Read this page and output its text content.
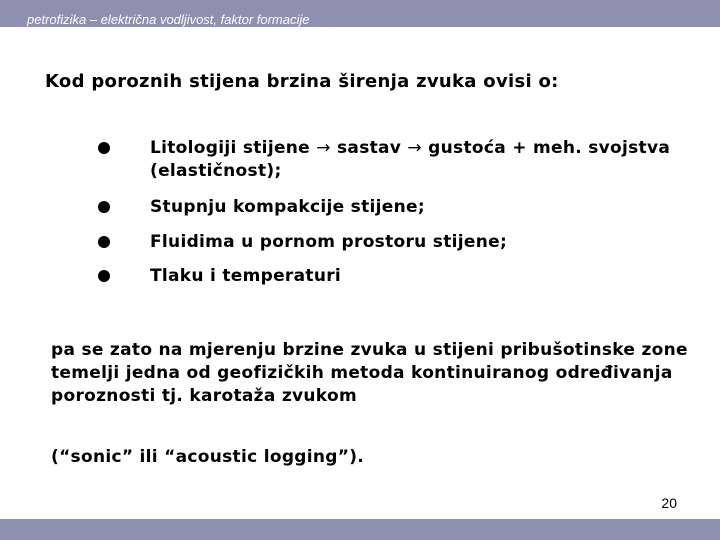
petrofizika – električna vodljivost, faktor formacije
Kod poroznih stijena brzina širenja zvuka ovisi o:
Litologiji stijene → sastav → gustoća + meh. svojstva (elastičnost);
Stupnju kompakcije stijene;
Fluidima u pornom prostoru stijene;
Tlaku i temperaturi
pa se zato na mjerenju brzine zvuka u stijeni pribušotinske zone temelji jedna od geofizičkih metoda kontinuiranog određivanja poroznosti tj. karotaža zvukom
(“sonic” ili “acoustic logging”).
20
